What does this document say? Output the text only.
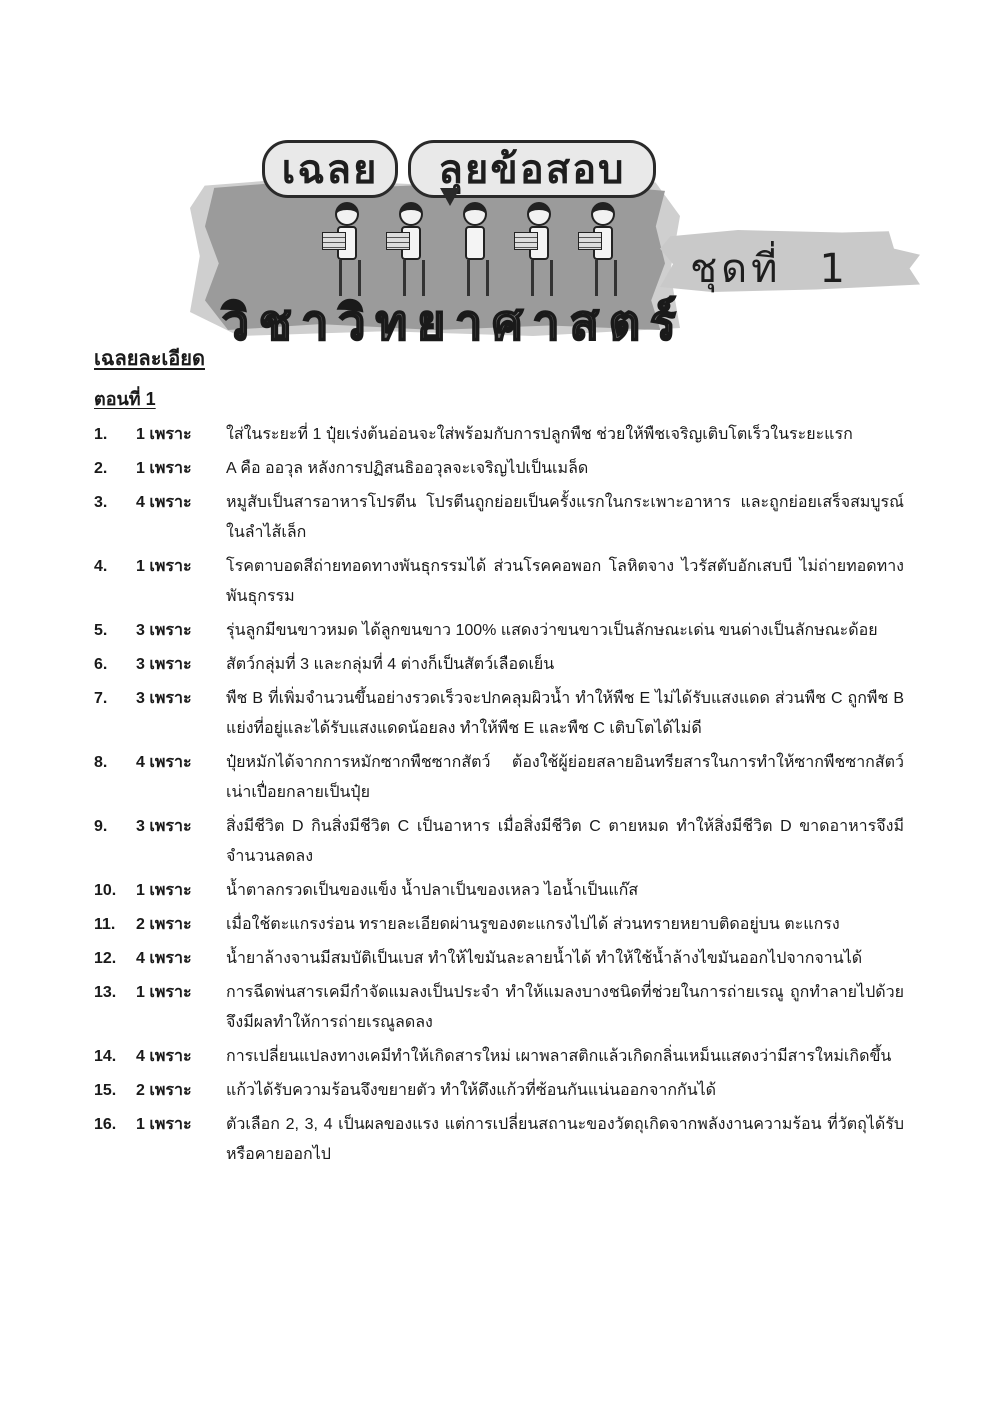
เฉลย ลุยข้อสอบ
วิชาวิทยาศาสตร์
ชุดที่ 1
เฉลยละเอียด
ตอนที่ 1
1.	1 เพราะ	ใส่ในระยะที่ 1 ปุ๋ยเร่งต้นอ่อนจะใส่พร้อมกับการปลูกพืช ช่วยให้พืชเจริญเติบโตเร็วในระยะแรก
2.	1 เพราะ	A คือ ออวุล หลังการปฏิสนธิออวุลจะเจริญไปเป็นเมล็ด
3.	4 เพราะ	หมูสับเป็นสารอาหารโปรตีน โปรตีนถูกย่อยเป็นครั้งแรกในกระเพาะอาหาร และถูกย่อยเสร็จสมบูรณ์ในลำไส้เล็ก
4.	1 เพราะ	โรคตาบอดสีถ่ายทอดทางพันธุกรรมได้ ส่วนโรคคอพอก โลหิตจาง ไวรัสตับอักเสบบี ไม่ถ่ายทอดทางพันธุกรรม
5.	3 เพราะ	รุ่นลูกมีขนขาวหมด ได้ลูกขนขาว 100% แสดงว่าขนขาวเป็นลักษณะเด่น ขนด่างเป็นลักษณะด้อย
6.	3 เพราะ	สัตว์กลุ่มที่ 3 และกลุ่มที่ 4 ต่างก็เป็นสัตว์เลือดเย็น
7.	3 เพราะ	พืช B ที่เพิ่มจำนวนขึ้นอย่างรวดเร็วจะปกคลุมผิวน้ำ ทำให้พืช E ไม่ได้รับแสงแดด ส่วนพืช C ถูกพืช B แย่งที่อยู่และได้รับแสงแดดน้อยลง ทำให้พืช E และพืช C เติบโตได้ไม่ดี
8.	4 เพราะ	ปุ๋ยหมักได้จากการหมักซากพืชซากสัตว์ ต้องใช้ผู้ย่อยสลายอินทรียสารในการทำให้ซากพืชซากสัตว์เน่าเปื่อยกลายเป็นปุ๋ย
9.	3 เพราะ	สิ่งมีชีวิต D กินสิ่งมีชีวิต C เป็นอาหาร เมื่อสิ่งมีชีวิต C ตายหมด ทำให้สิ่งมีชีวิต D ขาดอาหารจึงมีจำนวนลดลง
10.	1 เพราะ	น้ำตาลกรวดเป็นของแข็ง น้ำปลาเป็นของเหลว ไอน้ำเป็นแก๊ส
11.	2 เพราะ	เมื่อใช้ตะแกรงร่อน ทรายละเอียดผ่านรูของตะแกรงไปได้ ส่วนทรายหยาบติดอยู่บน ตะแกรง
12.	4 เพราะ	น้ำยาล้างจานมีสมบัติเป็นเบส ทำให้ไขมันละลายน้ำได้ ทำให้ใช้น้ำล้างไขมันออกไปจากจานได้
13.	1 เพราะ	การฉีดพ่นสารเคมีกำจัดแมลงเป็นประจำ ทำให้แมลงบางชนิดที่ช่วยในการถ่ายเรณู ถูกทำลายไปด้วย จึงมีผลทำให้การถ่ายเรณูลดลง
14.	4 เพราะ	การเปลี่ยนแปลงทางเคมีทำให้เกิดสารใหม่ เผาพลาสติกแล้วเกิดกลิ่นเหม็นแสดงว่ามีสารใหม่เกิดขึ้น
15.	2 เพราะ	แก้วได้รับความร้อนจึงขยายตัว ทำให้ดึงแก้วที่ซ้อนกันแน่นออกจากกันได้
16.	1 เพราะ	ตัวเลือก 2, 3, 4 เป็นผลของแรง แต่การเปลี่ยนสถานะของวัตถุเกิดจากพลังงานความร้อน ที่วัตถุได้รับหรือคายออกไป
